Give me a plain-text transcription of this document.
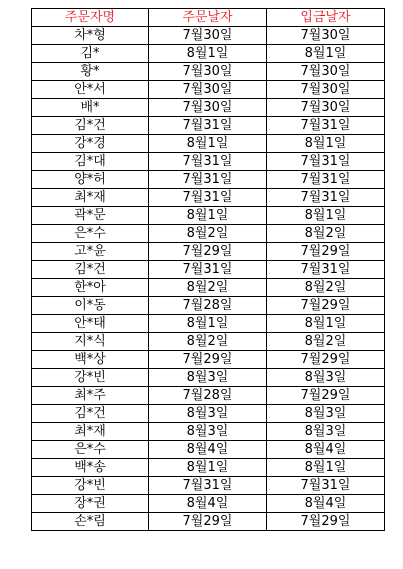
주문자명	주문날자	입금날자
차*형	7월30일	7월30일
김*	8월1일	8월1일
황*	7월30일	7월30일
안*서	7월30일	7월30일
배*	7월30일	7월30일
김*건	7월31일	7월31일
강*경	8월1일	8월1일
김*대	7월31일	7월31일
양*허	7월31일	7월31일
최*재	7월31일	7월31일
곽*문	8월1일	8월1일
은*수	8월2일	8월2일
고*윤	7월29일	7월29일
김*건	7월31일	7월31일
한*아	8월2일	8월2일
이*동	7월28일	7월29일
안*태	8월1일	8월1일
지*식	8월2일	8월2일
백*상	7월29일	7월29일
강*빈	8월3일	8월3일
최*주	7월28일	7월29일
김*건	8월3일	8월3일
최*재	8월3일	8월3일
은*수	8월4일	8월4일
백*송	8월1일	8월1일
강*빈	7월31일	7월31일
장*권	8월4일	8월4일
손*림	7월29일	7월29일
